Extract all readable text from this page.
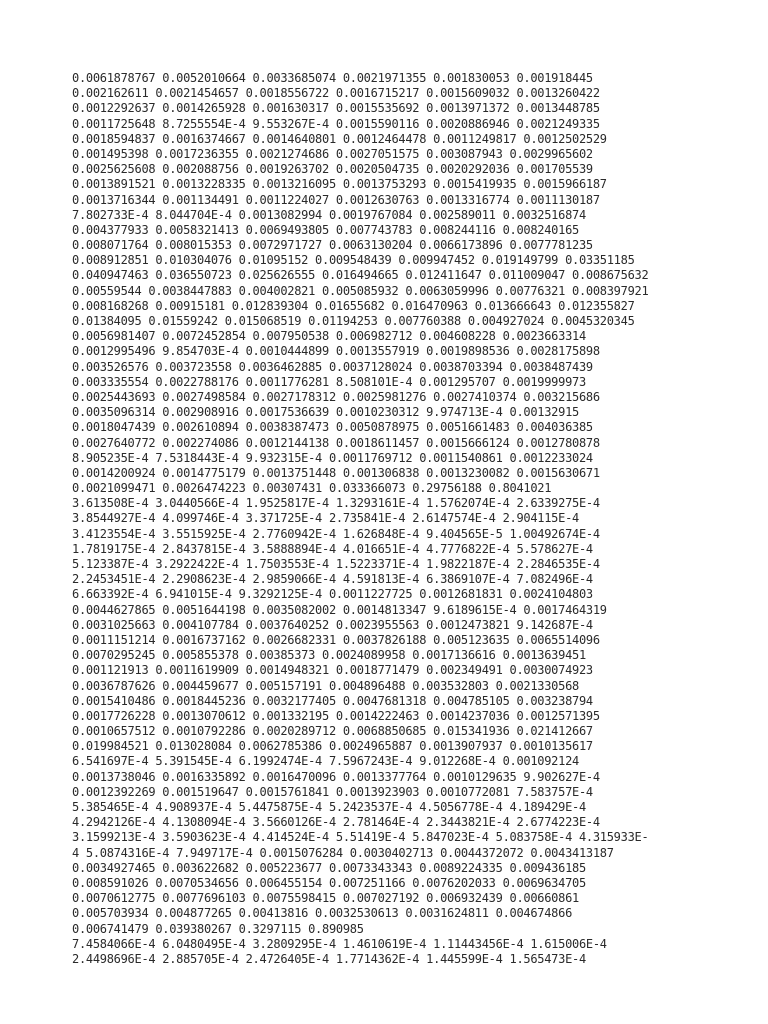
0.0061878767 0.0052010664 0.0033685074 0.0021971355 0.001830053 0.001918445
0.002162611 0.0021454657 0.0018556722 0.0016715217 0.0015609032 0.0013260422
0.0012292637 0.0014265928 0.001630317 0.0015535692 0.0013971372 0.0013448785
0.0011725648 8.7255554E-4 9.553267E-4 0.0015590116 0.0020886946 0.0021249335
0.0018594837 0.0016374667 0.0014640801 0.0012464478 0.0011249817 0.0012502529
0.001495398 0.0017236355 0.0021274686 0.0027051575 0.003087943 0.0029965602
0.0025625608 0.002088756 0.0019263702 0.0020504735 0.0020292036 0.001705539
0.0013891521 0.0013228335 0.0013216095 0.0013753293 0.0015419935 0.0015966187
0.0013716344 0.001134491 0.0011224027 0.0012630763 0.0013316774 0.0011130187
7.802733E-4 8.044704E-4 0.0013082994 0.0019767084 0.002589011 0.0032516874
0.004377933 0.0058321413 0.0069493805 0.007743783 0.008244116 0.008240165
0.008071764 0.008015353 0.0072971727 0.0063130204 0.0066173896 0.0077781235
0.008912851 0.010304076 0.01095152 0.009548439 0.009947452 0.019149799 0.03351185
0.040947463 0.036550723 0.025626555 0.016494665 0.012411647 0.011009047 0.008675632
0.00559544 0.0038447883 0.004002821 0.005085932 0.0063059996 0.00776321 0.008397921
0.008168268 0.00915181 0.012839304 0.01655682 0.016470963 0.013666643 0.012355827
0.01384095 0.01559242 0.015068519 0.01194253 0.007760388 0.004927024 0.0045320345
0.0056981407 0.0072452854 0.007950538 0.006982712 0.004608228 0.0023663314
0.0012995496 9.854703E-4 0.0010444899 0.0013557919 0.0019898536 0.0028175898
0.003526576 0.003723558 0.0036462885 0.0037128024 0.0038703394 0.0038487439
0.003335554 0.0022788176 0.0011776281 8.508101E-4 0.001295707 0.0019999973
0.0025443693 0.0027498584 0.0027178312 0.0025981276 0.0027410374 0.003215686
0.0035096314 0.002908916 0.0017536639 0.0010230312 9.974713E-4 0.00132915
0.0018047439 0.002610894 0.0038387473 0.0050878975 0.0051661483 0.004036385
0.0027640772 0.002274086 0.0012144138 0.0018611457 0.0015666124 0.0012780878
8.905235E-4 7.5318443E-4 9.932315E-4 0.0011769712 0.0011540861 0.0012233024
0.0014200924 0.0014775179 0.0013751448 0.001306838 0.0013230082 0.0015630671
0.0021099471 0.0026474223 0.00307431 0.033366073 0.29756188 0.8041021
3.613508E-4 3.0440566E-4 1.9525817E-4 1.3293161E-4 1.5762074E-4 2.6339275E-4
3.8544927E-4 4.099746E-4 3.371725E-4 2.735841E-4 2.6147574E-4 2.904115E-4
3.4123554E-4 3.5515925E-4 2.7760942E-4 1.626848E-4 9.404565E-5 1.00492674E-4
1.7819175E-4 2.8437815E-4 3.5888894E-4 4.016651E-4 4.7776822E-4 5.578627E-4
5.123387E-4 3.2922422E-4 1.7503553E-4 1.5223371E-4 1.9822187E-4 2.2846535E-4
2.2453451E-4 2.2908623E-4 2.9859066E-4 4.591813E-4 6.3869107E-4 7.082496E-4
6.663392E-4 6.941015E-4 9.3292125E-4 0.0011227725 0.0012681831 0.0024104803
0.0044627865 0.0051644198 0.0035082002 0.0014813347 9.6189615E-4 0.0017464319
0.0031025663 0.004107784 0.0037640252 0.0023955563 0.0012473821 9.142687E-4
0.0011151214 0.0016737162 0.0026682331 0.0037826188 0.005123635 0.0065514096
0.0070295245 0.005855378 0.00385373 0.0024089958 0.0017136616 0.0013639451
0.001121913 0.0011619909 0.0014948321 0.0018771479 0.002349491 0.0030074923
0.0036787626 0.004459677 0.005157191 0.004896488 0.003532803 0.0021330568
0.0015410486 0.0018445236 0.0032177405 0.0047681318 0.004785105 0.003238794
0.0017726228 0.0013070612 0.001332195 0.0014222463 0.0014237036 0.0012571395
0.0010657512 0.0010792286 0.0020289712 0.0068850685 0.015341936 0.021412667
0.019984521 0.013028084 0.0062785386 0.0024965887 0.0013907937 0.0010135617
6.541697E-4 5.391545E-4 6.1992474E-4 7.5967243E-4 9.012268E-4 0.001092124
0.0013738046 0.0016335892 0.0016470096 0.0013377764 0.0010129635 9.902627E-4
0.0012392269 0.001519647 0.0015761841 0.0013923903 0.0010772081 7.583757E-4
5.385465E-4 4.908937E-4 5.4475875E-4 5.2423537E-4 4.5056778E-4 4.189429E-4
4.2942126E-4 4.1308094E-4 3.5660126E-4 2.781464E-4 2.3443821E-4 2.6774223E-4
3.1599213E-4 3.5903623E-4 4.414524E-4 5.51419E-4 5.847023E-4 5.083758E-4 4.315933E-
4 5.0874316E-4 7.949717E-4 0.0015076284 0.0030402713 0.0044372072 0.0043413187
0.0034927465 0.003622682 0.005223677 0.0073343343 0.0089224335 0.009436185
0.008591026 0.0070534656 0.006455154 0.007251166 0.0076202033 0.0069634705
0.0070612775 0.0077696103 0.0075598415 0.007027192 0.006932439 0.00660861
0.005703934 0.004877265 0.00413816 0.0032530613 0.0031624811 0.004674866
0.006741479 0.039380267 0.3297115 0.890985
7.4584066E-4 6.0480495E-4 3.2809295E-4 1.4610619E-4 1.11443456E-4 1.615006E-4
2.4498696E-4 2.885705E-4 2.4726405E-4 1.7714362E-4 1.445599E-4 1.565473E-4
